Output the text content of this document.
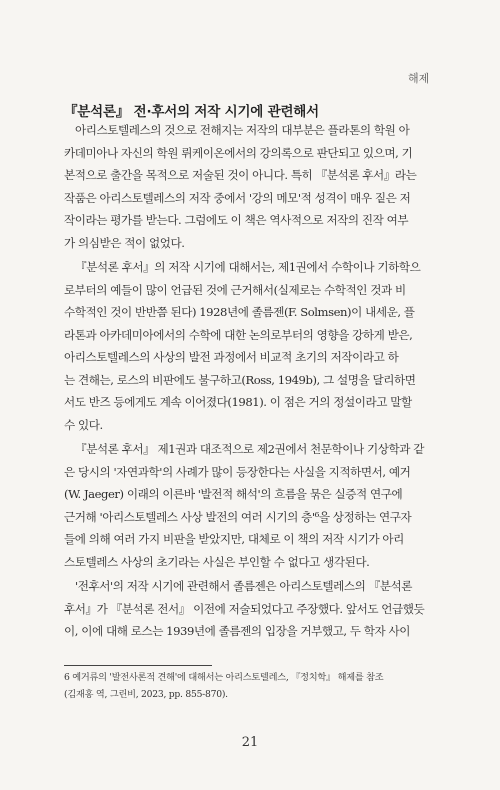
해제
『분석론』 전·후서의 저작 시기에 관련해서
아리스토텔레스의 것으로 전해지는 저작의 대부분은 플라톤의 학원 아
카데미아나 자신의 학원 뤼케이온에서의 강의록으로 판단되고 있으며, 기
본적으로 출간을 목적으로 저술된 것이 아니다. 특히 『분석론 후서』라는
작품은 아리스토텔레스의 저작 중에서 '강의 메모'적 성격이 매우 짙은 저
작이라는 평가를 받는다. 그럼에도 이 책은 역사적으로 저작의 진작 여부
가 의심받은 적이 없었다.
『분석론 후서』의 저작 시기에 대해서는, 제1권에서 수학이나 기하학으
로부터의 예들이 많이 언급된 것에 근거해서(실제로는 수학적인 것과 비
수학적인 것이 반반쯤 된다) 1928년에 졸름젠(F. Solmsen)이 내세운, 플
라톤과 아카데미아에서의 수학에 대한 논의로부터의 영향을 강하게 받은,
아리스토텔레스의 사상의 발전 과정에서 비교적 초기의 저작이라고 하
는 견해는, 로스의 비판에도 불구하고(Ross, 1949b), 그 설명을 달리하면
서도 반즈 등에게도 계속 이어졌다(1981). 이 점은 거의 정설이라고 말할
수 있다.
『분석론 후서』 제1권과 대조적으로 제2권에서 천문학이나 기상학과 같
은 당시의 '자연과학'의 사례가 많이 등장한다는 사실을 지적하면서, 예거
(W. Jaeger) 이래의 이른바 '발전적 해석'의 흐름을 묶은 실증적 연구에
근거해 '아리스토텔레스 사상 발전의 여러 시기의 층'⁶을 상정하는 연구자
들에 의해 여러 가지 비판을 받았지만, 대체로 이 책의 저작 시기가 아리
스토텔레스 사상의 초기라는 사실은 부인할 수 없다고 생각된다.
'전후서'의 저작 시기에 관련해서 졸름젠은 아리스토텔레스의 『분석론
후서』가 『분석론 전서』 이전에 저술되었다고 주장했다. 앞서도 언급했듯
이, 이에 대해 로스는 1939년에 졸름젠의 입장을 거부했고, 두 학자 사이
6 예거류의 '발전사론적 견해'에 대해서는 아리스토텔레스, 『정치학』 해제를 참조
(김재홍 역, 그린비, 2023, pp. 855-870).
21
